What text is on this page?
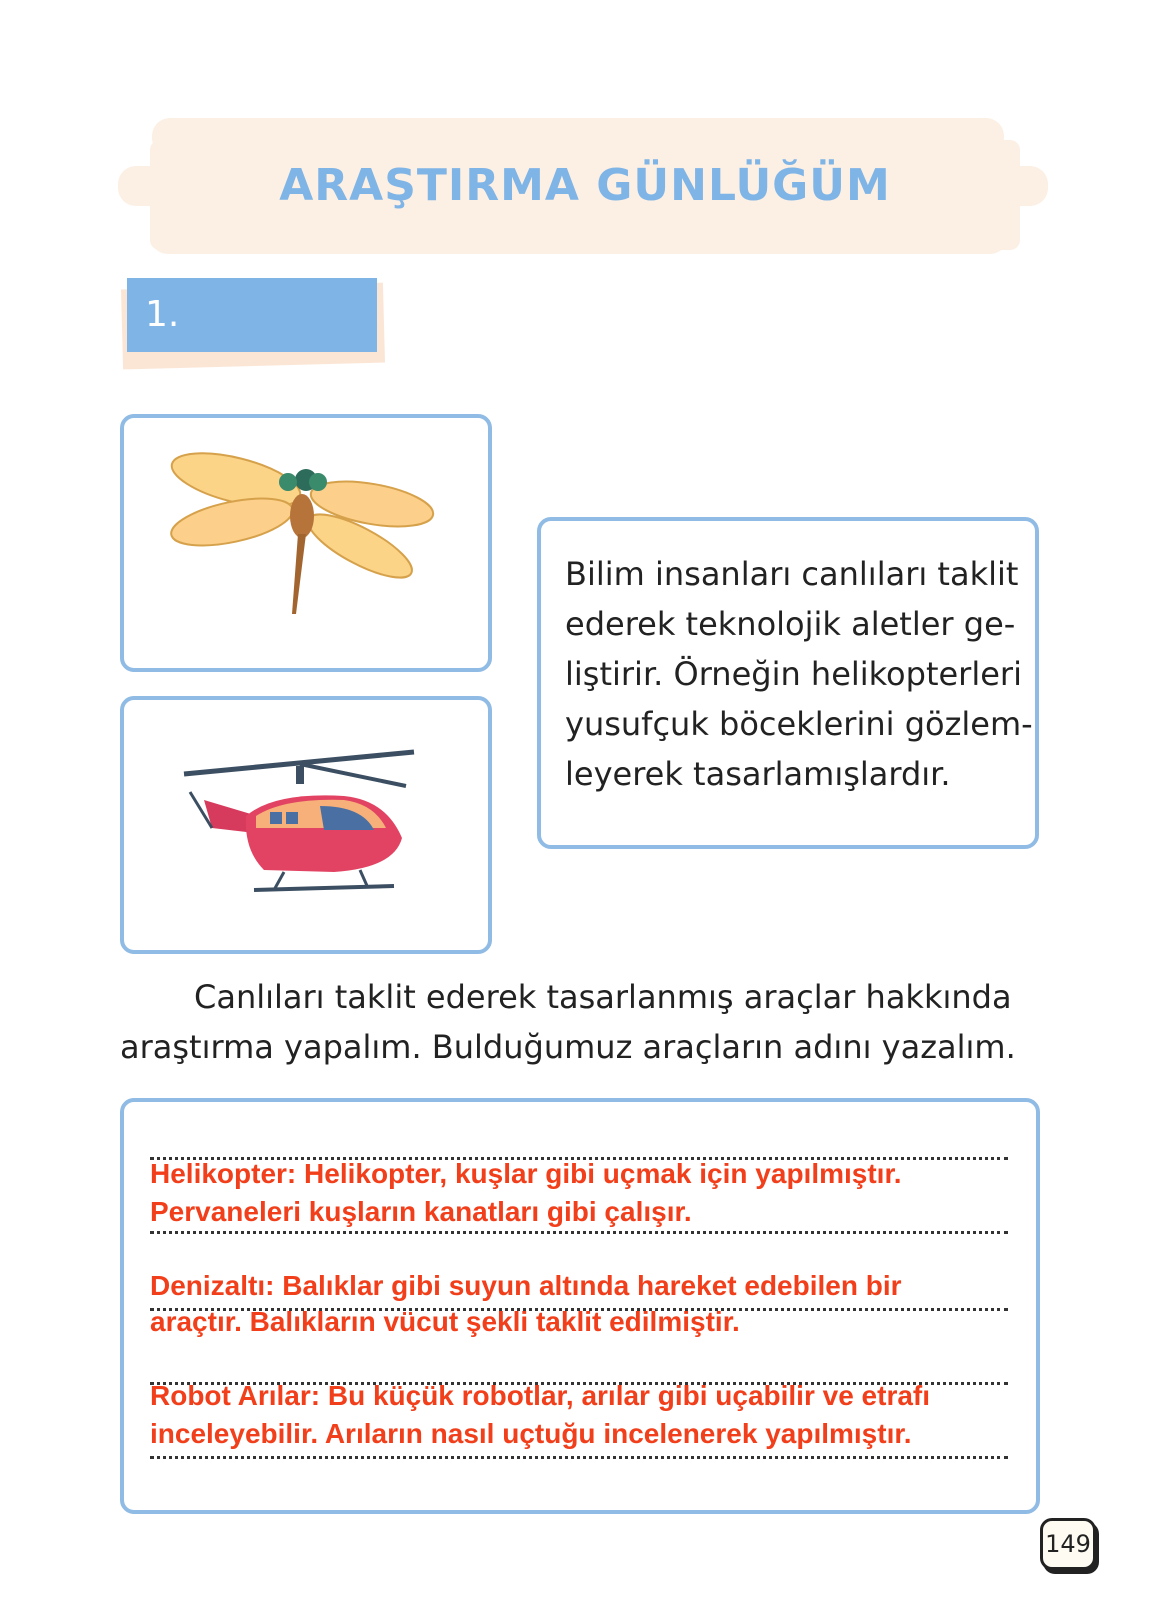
ARAŞTIRMA GÜNLÜĞÜM
1. Araştırmam
Bilim insanları canlıları taklit
ederek teknolojik aletler ge-
liştirir. Örneğin helikopterleri
yusufçuk böceklerini gözlem-
leyerek tasarlamışlardır.
Canlıları taklit ederek tasarlanmış araçlar hakkında
araştırma yapalım. Bulduğumuz araçların adını yazalım.
Helikopter: Helikopter, kuşlar gibi uçmak için yapılmıştır.
Pervaneleri kuşların kanatları gibi çalışır.
Denizaltı: Balıklar gibi suyun altında hareket edebilen bir
araçtır. Balıkların vücut şekli taklit edilmiştir.
Robot Arılar: Bu küçük robotlar, arılar gibi uçabilir ve etrafı
inceleyebilir. Arıların nasıl uçtuğu incelenerek yapılmıştır.
149
